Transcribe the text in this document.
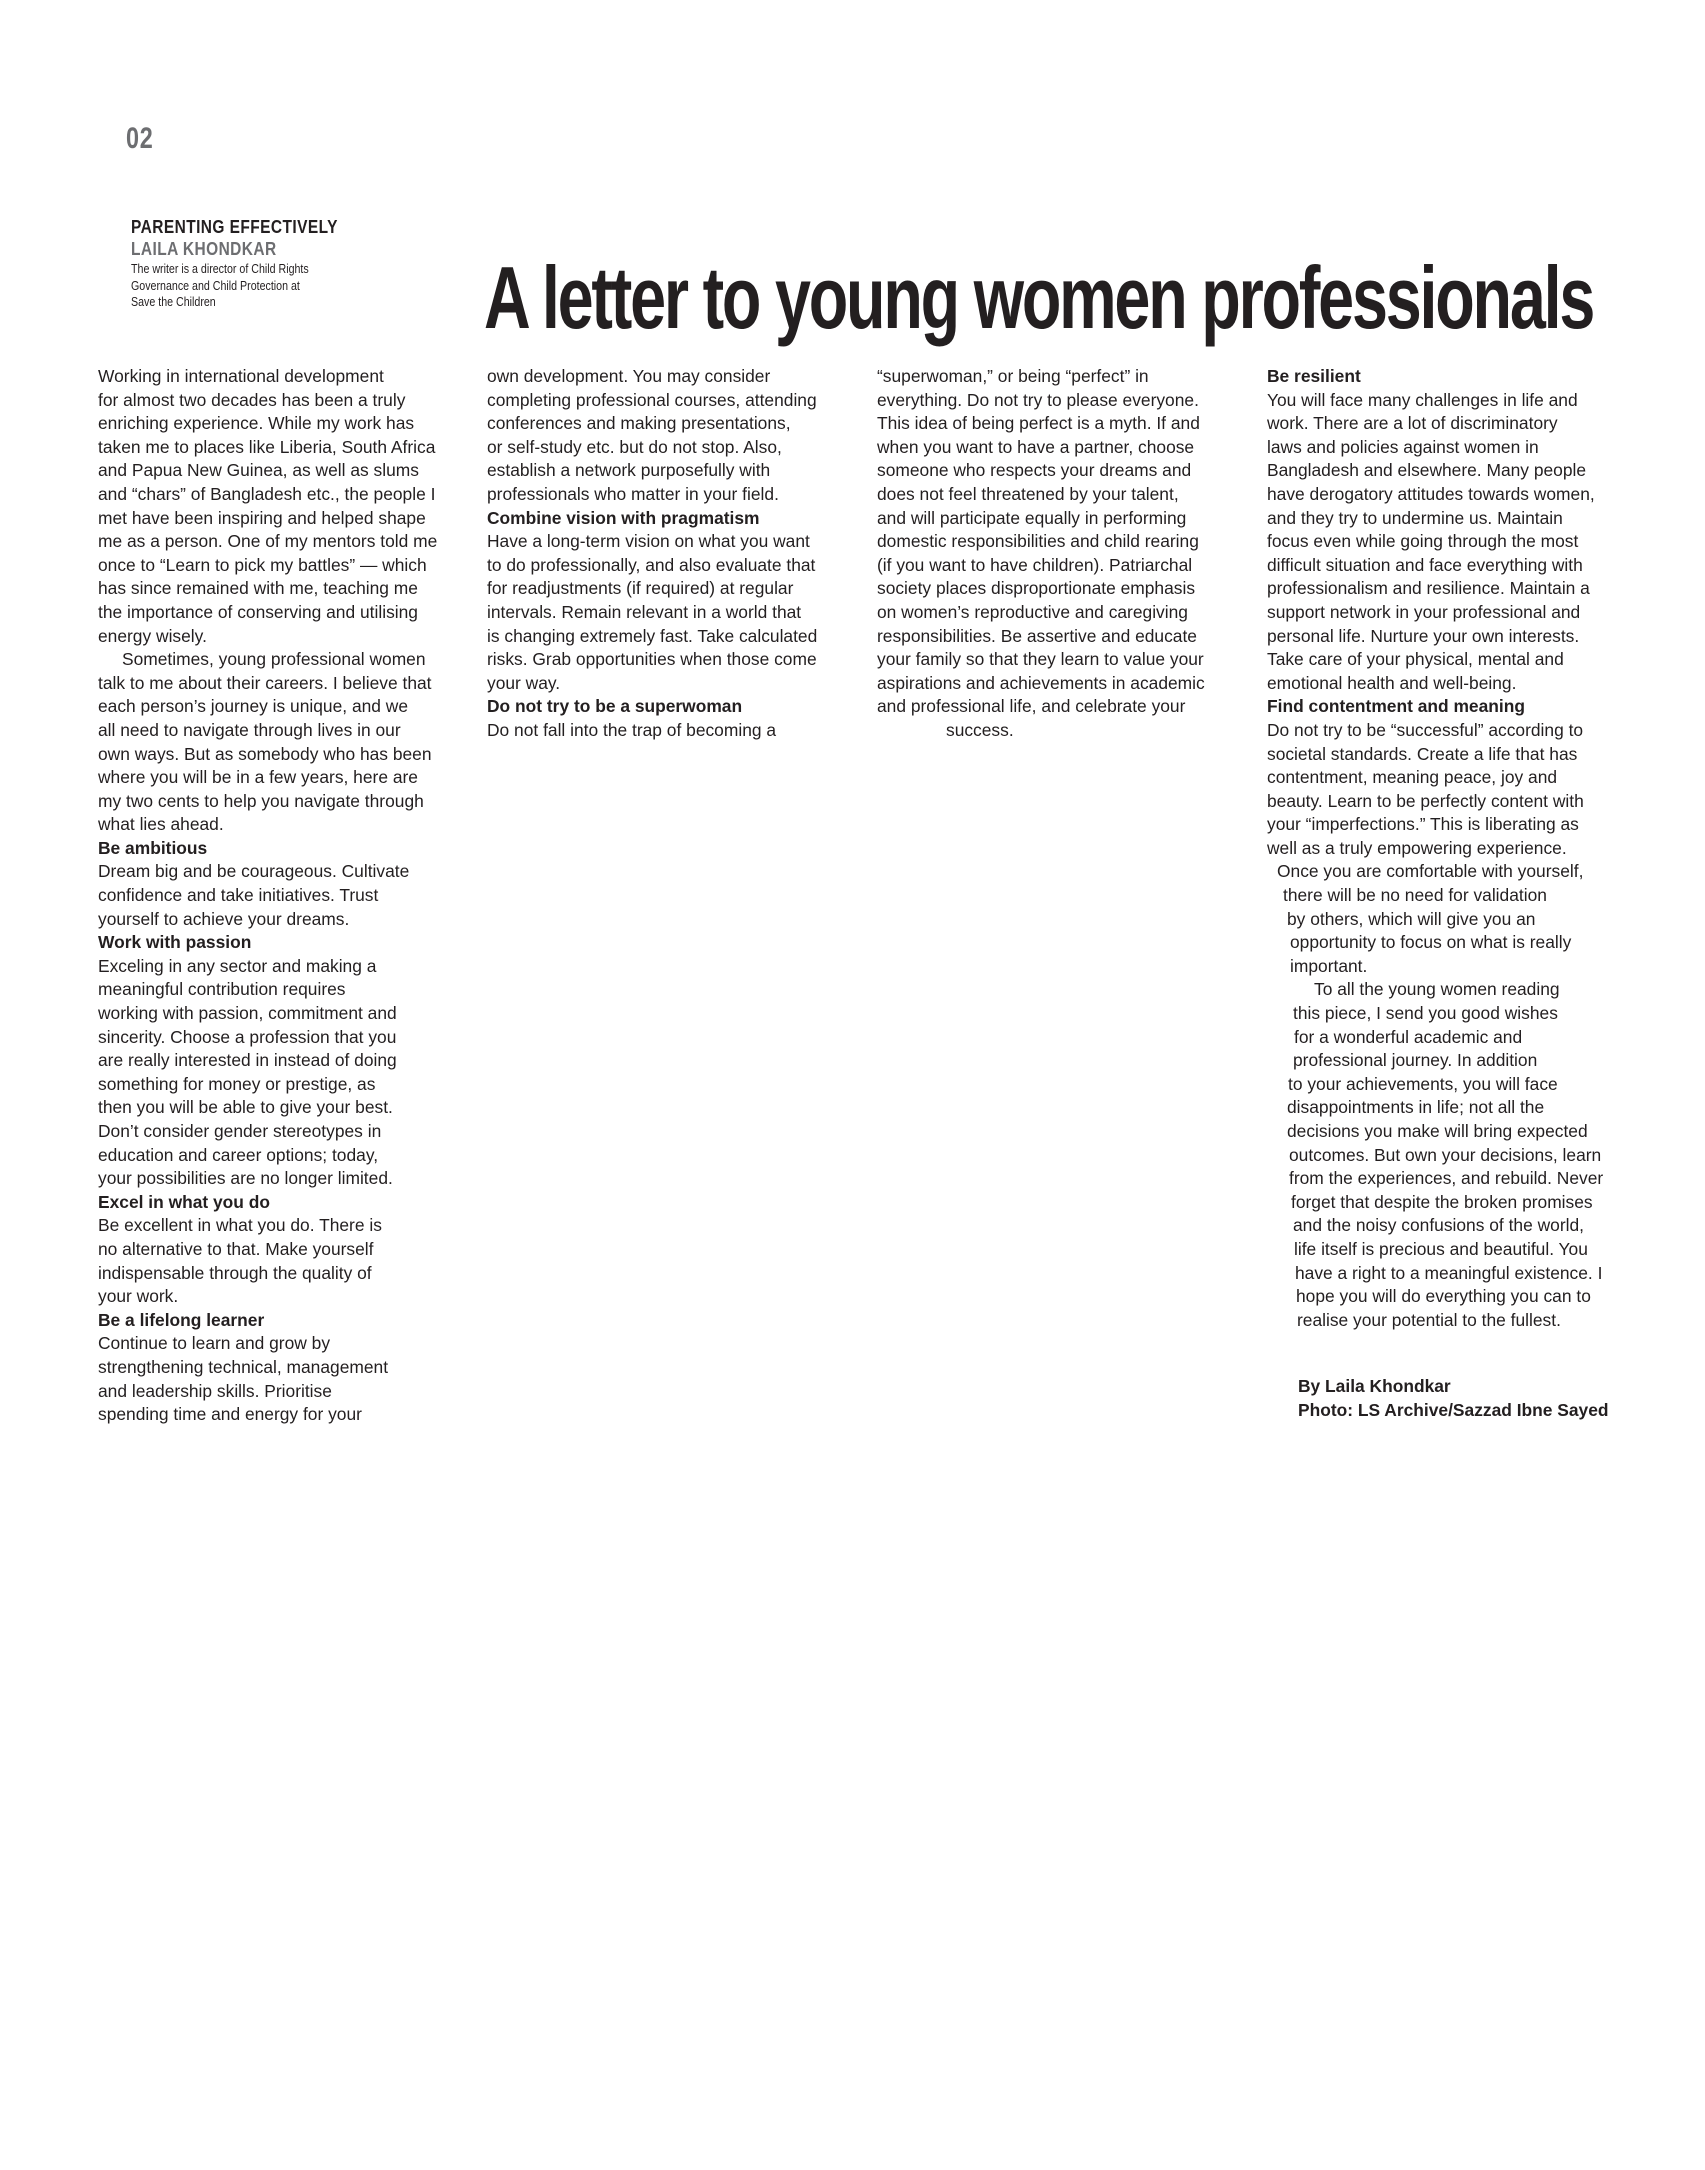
02
PARENTING EFFECTIVELY
LAILA KHONDKAR
The writer is a director of Child Rights
Governance and Child Protection at
Save the Children	A letter to young women professionals
Working in international development
for almost two decades has been a truly
enriching experience. While my work has
taken me to places like Liberia, South Africa
and Papua New Guinea, as well as slums
and “chars” of Bangladesh etc., the people I
met have been inspiring and helped shape
me as a person. One of my mentors told me
once to “Learn to pick my battles” — which
has since remained with me, teaching me
the importance of conserving and utilising
energy wisely.
Sometimes, young professional women
talk to me about their careers. I believe that
each person’s journey is unique, and we
all need to navigate through lives in our
own ways. But as somebody who has been
where you will be in a few years, here are
my two cents to help you navigate through
what lies ahead.
Be ambitious
Dream big and be courageous. Cultivate
confidence and take initiatives. Trust
yourself to achieve your dreams.
Work with passion
Exceling in any sector and making a
meaningful contribution requires
working with passion, commitment and
sincerity. Choose a profession that you
are really interested in instead of doing
something for money or prestige, as
then you will be able to give your best.
Don’t consider gender stereotypes in
education and career options; today,
your possibilities are no longer limited.
Excel in what you do
Be excellent in what you do. There is
no alternative to that. Make yourself
indispensable through the quality of
your work.
Be a lifelong learner
Continue to learn and grow by
strengthening technical, management
and leadership skills. Prioritise
spending time and energy for your
own development. You may consider
completing professional courses, attending
conferences and making presentations,
or self-study etc. but do not stop. Also,
establish a network purposefully with
professionals who matter in your field.
Combine vision with pragmatism
Have a long-term vision on what you want
to do professionally, and also evaluate that
for readjustments (if required) at regular
intervals. Remain relevant in a world that
is changing extremely fast. Take calculated
risks. Grab opportunities when those come
your way.
Do not try to be a superwoman
Do not fall into the trap of becoming a
“superwoman,” or being “perfect” in
everything. Do not try to please everyone.
This idea of being perfect is a myth. If and
when you want to have a partner, choose
someone who respects your dreams and
does not feel threatened by your talent,
and will participate equally in performing
domestic responsibilities and child rearing
(if you want to have children). Patriarchal
society places disproportionate emphasis
on women’s reproductive and caregiving
responsibilities. Be assertive and educate
your family so that they learn to value your
aspirations and achievements in academic
and professional life, and celebrate your
success.
Be resilient
You will face many challenges in life and
work. There are a lot of discriminatory
laws and policies against women in
Bangladesh and elsewhere. Many people
have derogatory attitudes towards women,
and they try to undermine us. Maintain
focus even while going through the most
difficult situation and face everything with
professionalism and resilience. Maintain a
support network in your professional and
personal life. Nurture your own interests.
Take care of your physical, mental and
emotional health and well-being.
Find contentment and meaning
Do not try to be “successful” according to
societal standards. Create a life that has
contentment, meaning peace, joy and
beauty. Learn to be perfectly content with
your “imperfections.” This is liberating as
well as a truly empowering experience.
Once you are comfortable with yourself,
there will be no need for validation
by others, which will give you an
opportunity to focus on what is really
important.
To all the young women reading
this piece, I send you good wishes
for a wonderful academic and
professional journey. In addition
to your achievements, you will face
disappointments in life; not all the
decisions you make will bring expected
outcomes. But own your decisions, learn
from the experiences, and rebuild. Never
forget that despite the broken promises
and the noisy confusions of the world,
life itself is precious and beautiful. You
have a right to a meaningful existence. I
hope you will do everything you can to
realise your potential to the fullest.
By Laila Khondkar
Photo: LS Archive/Sazzad Ibne Sayed
